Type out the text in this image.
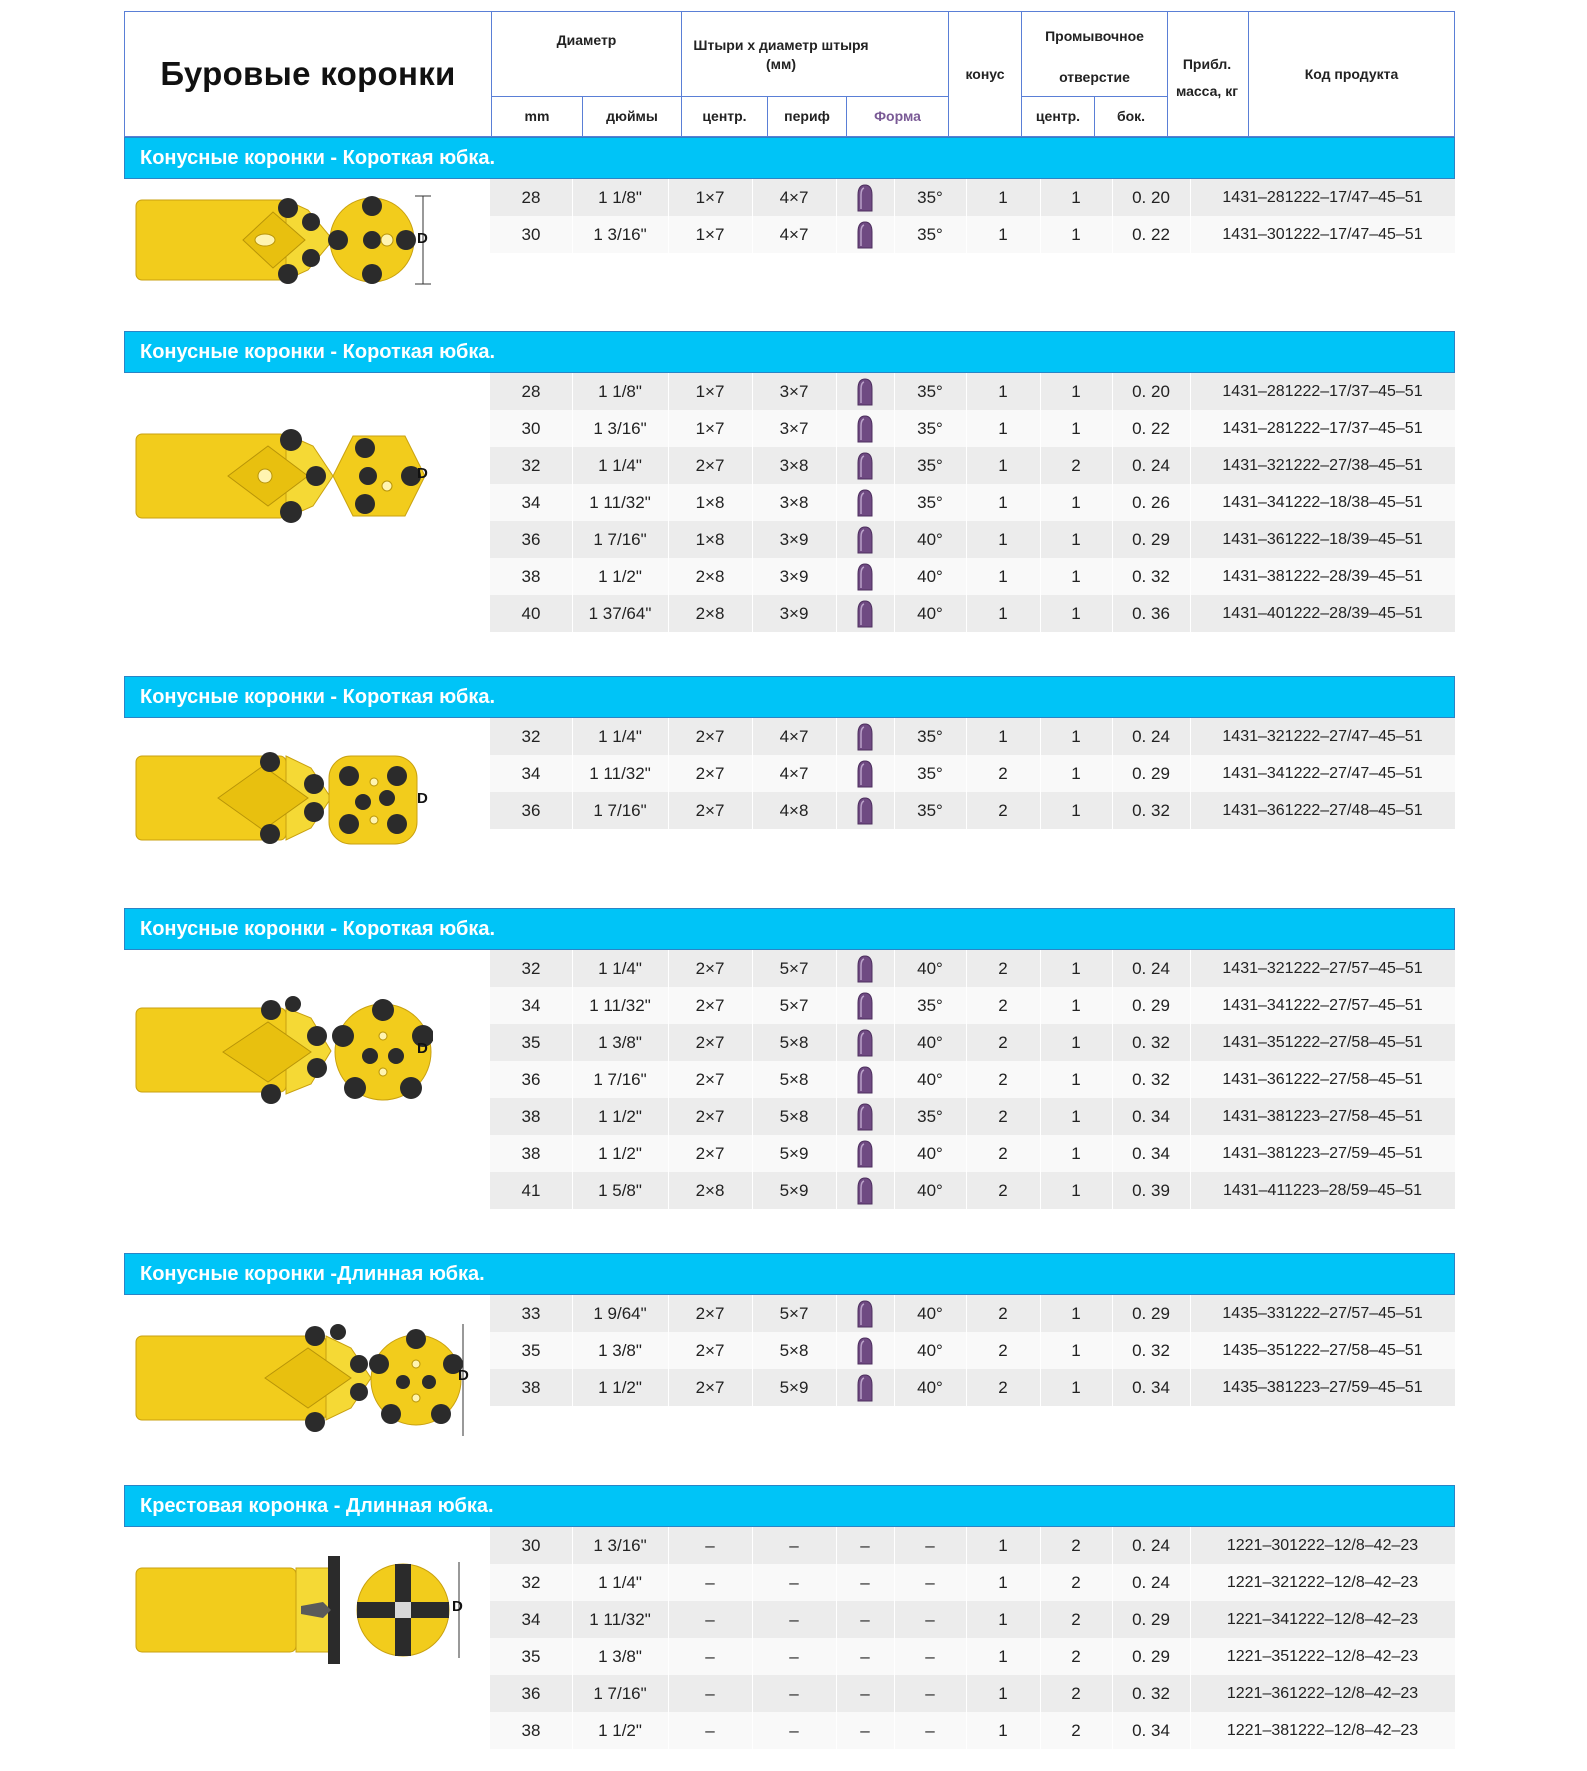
Буровые коронки
Диаметр
mm	дюймы
Штыри х диаметр штыря (мм)
центр.	периф	Форма
конус
Промывочное отверстие
центр.	бок.
Прибл. масса, кг
Код продукта
Конусные коронки - Короткая юбка.
Конусные коронки - Короткая юбка.
Конусные коронки - Короткая юбка.
Конусные коронки - Короткая юбка.
Конусные коронки -Длинная юбка.
Крестовая коронка - Длинная юбка.
28	1 1/8"	1×7	4×7	35°	1	1	0. 20	1431–281222–17/47–45–51
30	1 3/16"	1×7	4×7	35°	1	1	0. 22	1431–301222–17/47–45–51
28	1 1/8"	1×7	3×7	35°	1	1	0. 20	1431–281222–17/37–45–51
30	1 3/16"	1×7	3×7	35°	1	1	0. 22	1431–281222–17/37–45–51
32	1 1/4"	2×7	3×8	35°	1	2	0. 24	1431–321222–27/38–45–51
34	1 11/32"	1×8	3×8	35°	1	1	0. 26	1431–341222–18/38–45–51
36	1 7/16"	1×8	3×9	40°	1	1	0. 29	1431–361222–18/39–45–51
38	1 1/2"	2×8	3×9	40°	1	1	0. 32	1431–381222–28/39–45–51
40	1 37/64"	2×8	3×9	40°	1	1	0. 36	1431–401222–28/39–45–51
32	1 1/4"	2×7	4×7	35°	1	1	0. 24	1431–321222–27/47–45–51
34	1 11/32"	2×7	4×7	35°	2	1	0. 29	1431–341222–27/47–45–51
36	1 7/16"	2×7	4×8	35°	2	1	0. 32	1431–361222–27/48–45–51
32	1 1/4"	2×7	5×7	40°	2	1	0. 24	1431–321222–27/57–45–51
34	1 11/32"	2×7	5×7	35°	2	1	0. 29	1431–341222–27/57–45–51
35	1 3/8"	2×7	5×8	40°	2	1	0. 32	1431–351222–27/58–45–51
36	1 7/16"	2×7	5×8	40°	2	1	0. 32	1431–361222–27/58–45–51
38	1 1/2"	2×7	5×8	35°	2	1	0. 34	1431–381223–27/58–45–51
38	1 1/2"	2×7	5×9	40°	2	1	0. 34	1431–381223–27/59–45–51
41	1 5/8"	2×8	5×9	40°	2	1	0. 39	1431–411223–28/59–45–51
33	1 9/64"	2×7	5×7	40°	2	1	0. 29	1435–331222–27/57–45–51
35	1 3/8"	2×7	5×8	40°	2	1	0. 32	1435–351222–27/58–45–51
38	1 1/2"	2×7	5×9	40°	2	1	0. 34	1435–381223–27/59–45–51
30	1 3/16"	–	–	–	–	1	2	0. 24	1221–301222–12/8–42–23
32	1 1/4"	–	–	–	–	1	2	0. 24	1221–321222–12/8–42–23
34	1 11/32"	–	–	–	–	1	2	0. 29	1221–341222–12/8–42–23
35	1 3/8"	–	–	–	–	1	2	0. 29	1221–351222–12/8–42–23
36	1 7/16"	–	–	–	–	1	2	0. 32	1221–361222–12/8–42–23
38	1 1/2"	–	–	–	–	1	2	0. 34	1221–381222–12/8–42–23
D
D
D
D
D
D
